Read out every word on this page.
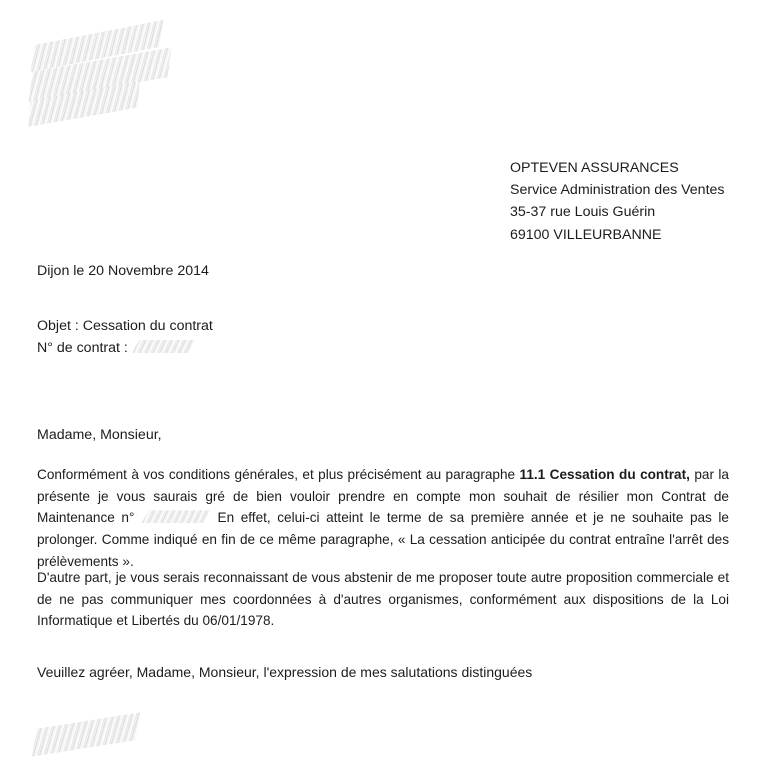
OPTEVEN ASSURANCES
Service Administration des Ventes
35-37 rue Louis Guérin
69100 VILLEURBANNE
Dijon le 20 Novembre 2014
Objet : Cessation du contrat
N° de contrat :
Madame, Monsieur,

Conformément à vos conditions générales, et plus précisément au paragraphe 11.1 Cessation du contrat, par la présente je vous saurais gré de bien vouloir prendre en compte mon souhait de résilier mon Contrat de Maintenance n°	En effet, celui-ci atteint le terme de sa première année et je ne souhaite pas le prolonger. Comme indiqué en fin de ce même paragraphe, « La cessation anticipée du contrat entraîne l'arrêt des prélèvements ».

D'autre part, je vous serais reconnaissant de vous abstenir de me proposer toute autre proposition commerciale et de ne pas communiquer mes coordonnées à d'autres organismes, conformément aux dispositions de la Loi Informatique et Libertés du 06/01/1978.

Veuillez agréer, Madame, Monsieur, l'expression de mes salutations distinguées
